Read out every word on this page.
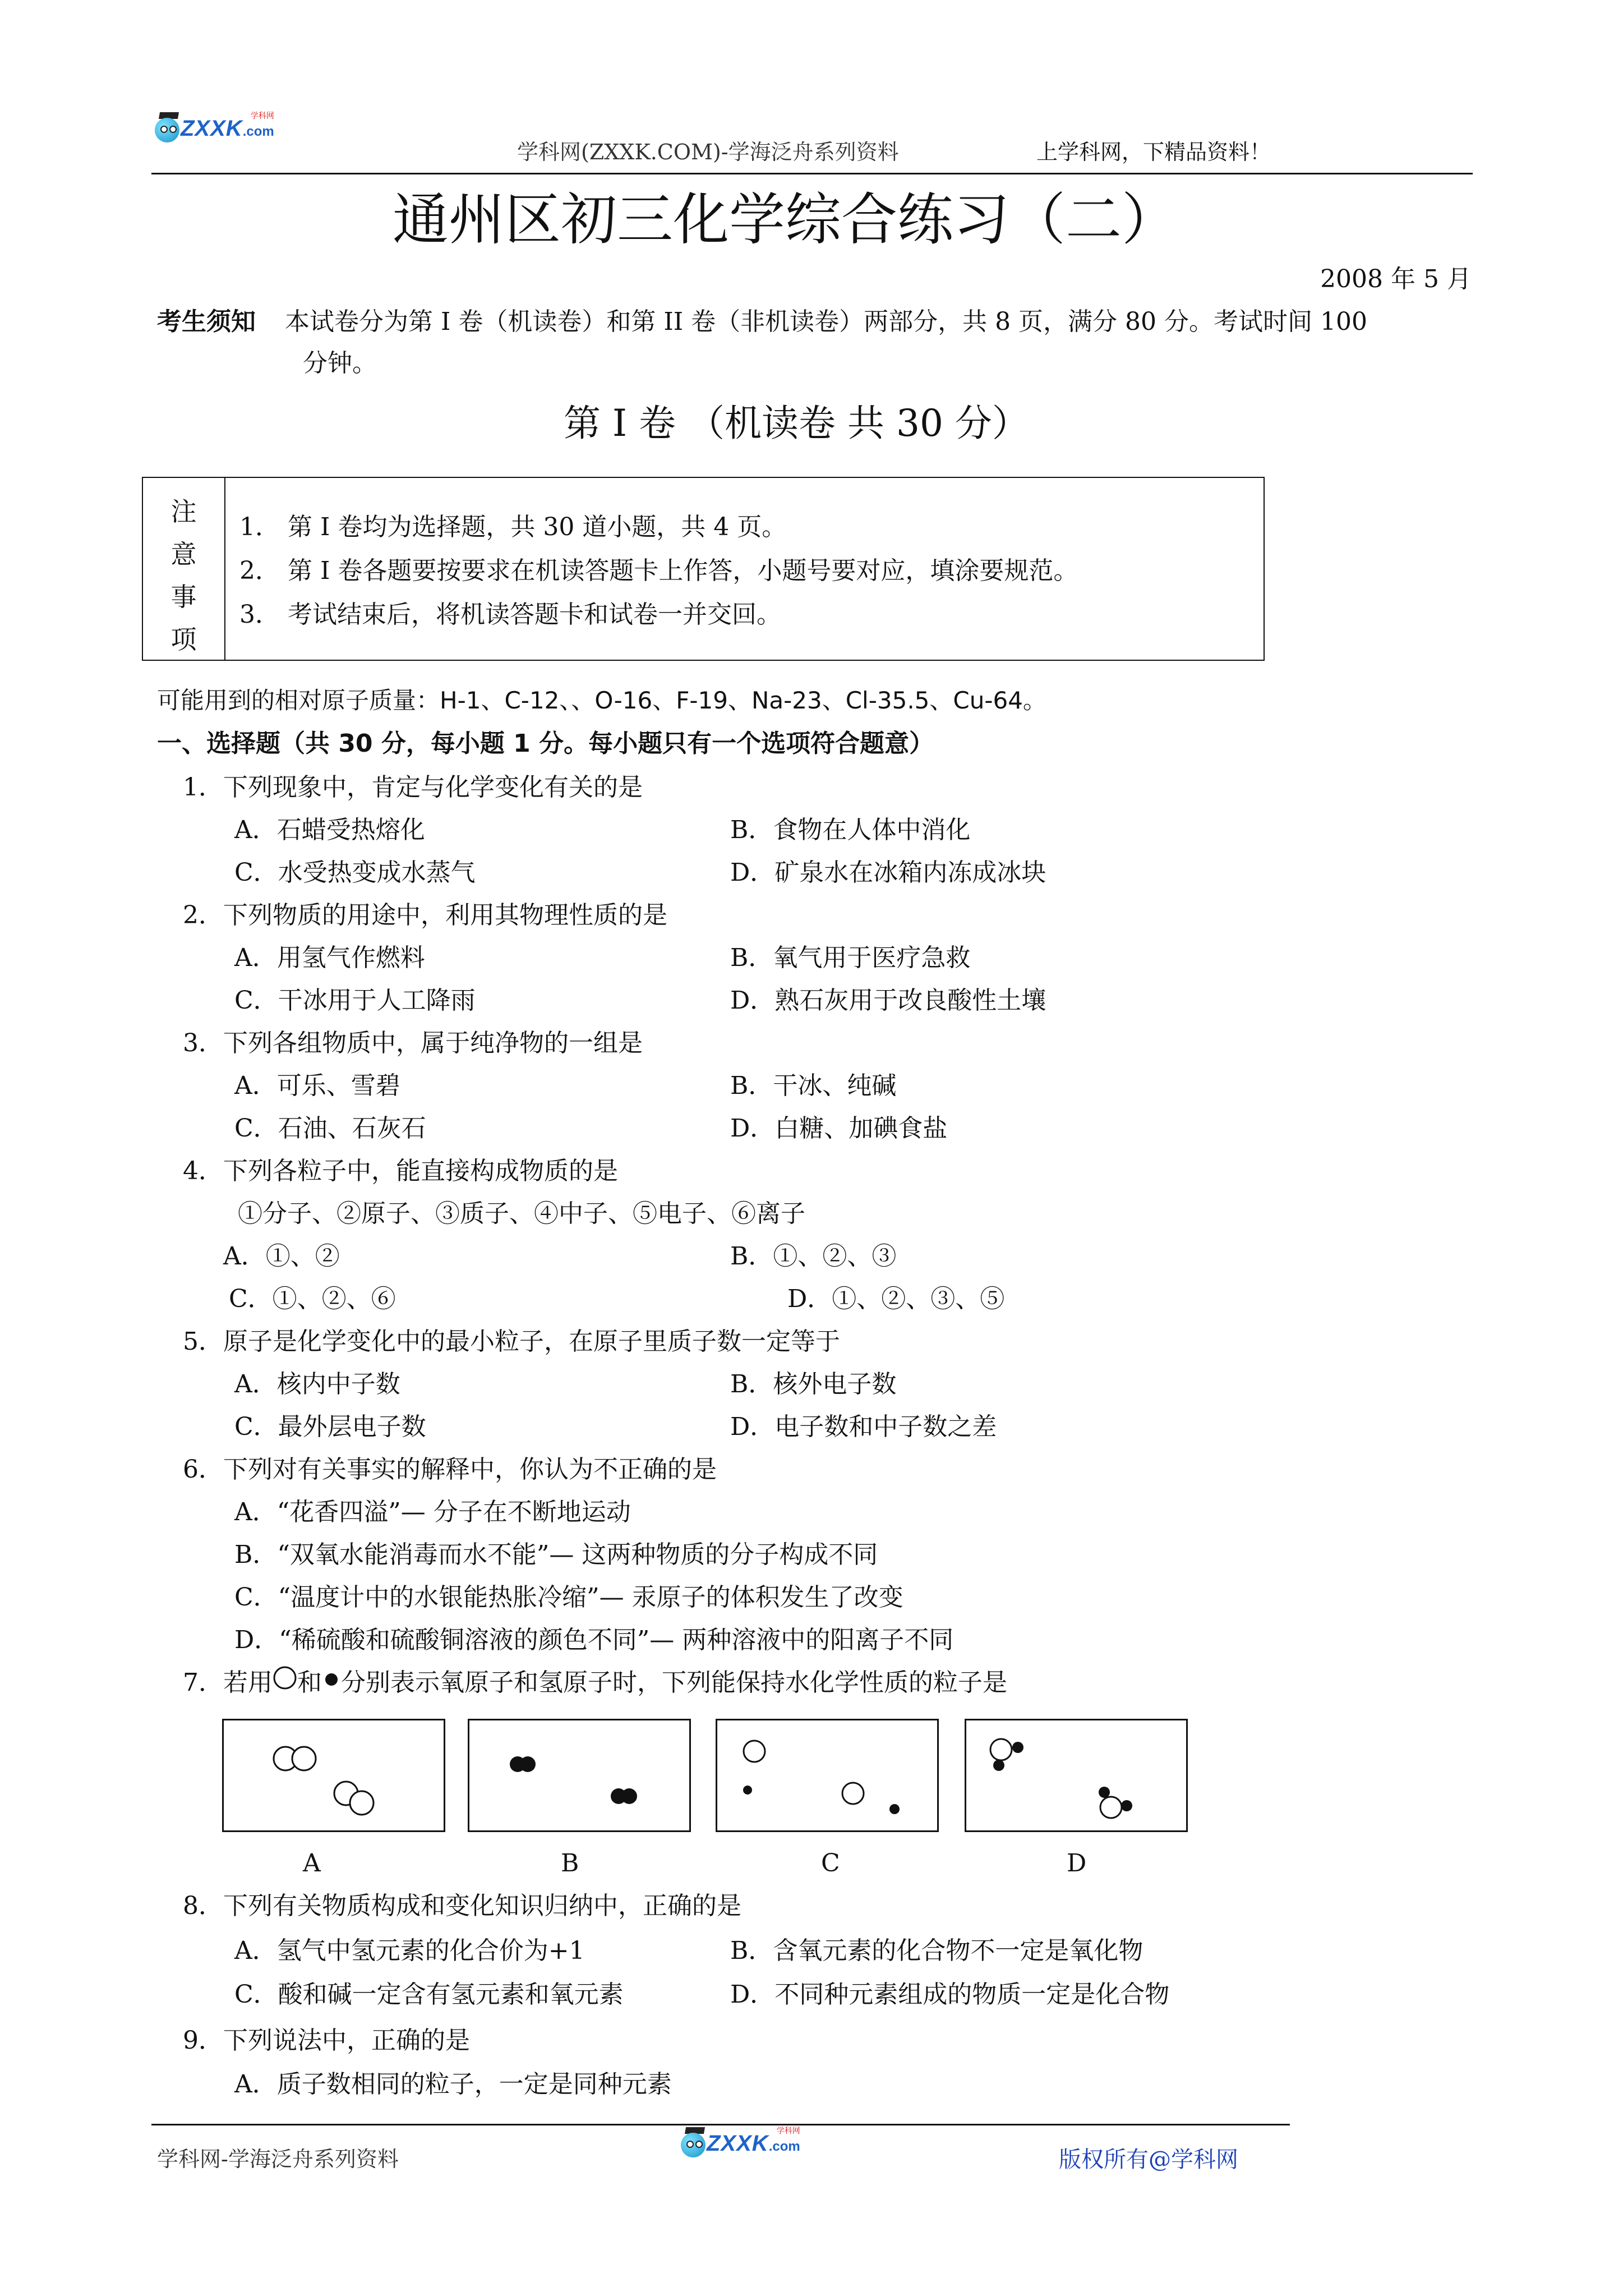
ZXXK .com
学科网
学科网(ZXXK.COM)-学海泛舟系列资料	上学科网，下精品资料！
通州区初三化学综合练习（二）
2008 年 5 月
考生须知 本试卷分为第 I 卷（机读卷）和第 II 卷（非机读卷）两部分，共 8 页，满分 80 分。考试时间 100
分钟。
第 I 卷 （机读卷 共 30 分）
注
意
事
项
1． 第 I 卷均为选择题，共 30 道小题，共 4 页。
2． 第 I 卷各题要按要求在机读答题卡上作答，小题号要对应，填涂要规范。
3． 考试结束后，将机读答题卡和试卷一并交回。
可能用到的相对原子质量：H-1、C-12、、O-16、F-19、Na-23、Cl-35.5、Cu-64。
一、选择题（共 30 分，每小题 1 分。每小题只有一个选项符合题意）
1．下列现象中，肯定与化学变化有关的是
A．石蜡受热熔化	B．食物在人体中消化
C．水受热变成水蒸气	D．矿泉水在冰箱内冻成冰块
2．下列物质的用途中，利用其物理性质的是
A．用氢气作燃料	B．氧气用于医疗急救
C．干冰用于人工降雨	D．熟石灰用于改良酸性土壤
3．下列各组物质中，属于纯净物的一组是
A．可乐、雪碧	B．干冰、纯碱
C．石油、石灰石	D．白糖、加碘食盐
4．下列各粒子中，能直接构成物质的是
①分子、②原子、③质子、④中子、⑤电子、⑥离子
A．①、②	B．①、②、③
C．①、②、⑥	D．①、②、③、⑤
5．原子是化学变化中的最小粒子，在原子里质子数一定等于
A．核内中子数	B．核外电子数
C．最外层电子数	D．电子数和中子数之差
6．下列对有关事实的解释中，你认为不正确的是
A．“花香四溢”— 分子在不断地运动
B．“双氧水能消毒而水不能”— 这两种物质的分子构成不同
C．“温度计中的水银能热胀冷缩”— 汞原子的体积发生了改变
D．“稀硫酸和硫酸铜溶液的颜色不同”— 两种溶液中的阳离子不同
7．若用 和 分别表示氧原子和氢原子时，下列能保持水化学性质的粒子是
A	B	C	D
8．下列有关物质构成和变化知识归纳中，正确的是
A．氢气中氢元素的化合价为+1	B．含氧元素的化合物不一定是氧化物
C．酸和碱一定含有氢元素和氧元素	D．不同种元素组成的物质一定是化合物
9．下列说法中，正确的是
A．质子数相同的粒子，一定是同种元素
学科网-学海泛舟系列资料
ZXXK .com
学科网
版权所有@学科网
